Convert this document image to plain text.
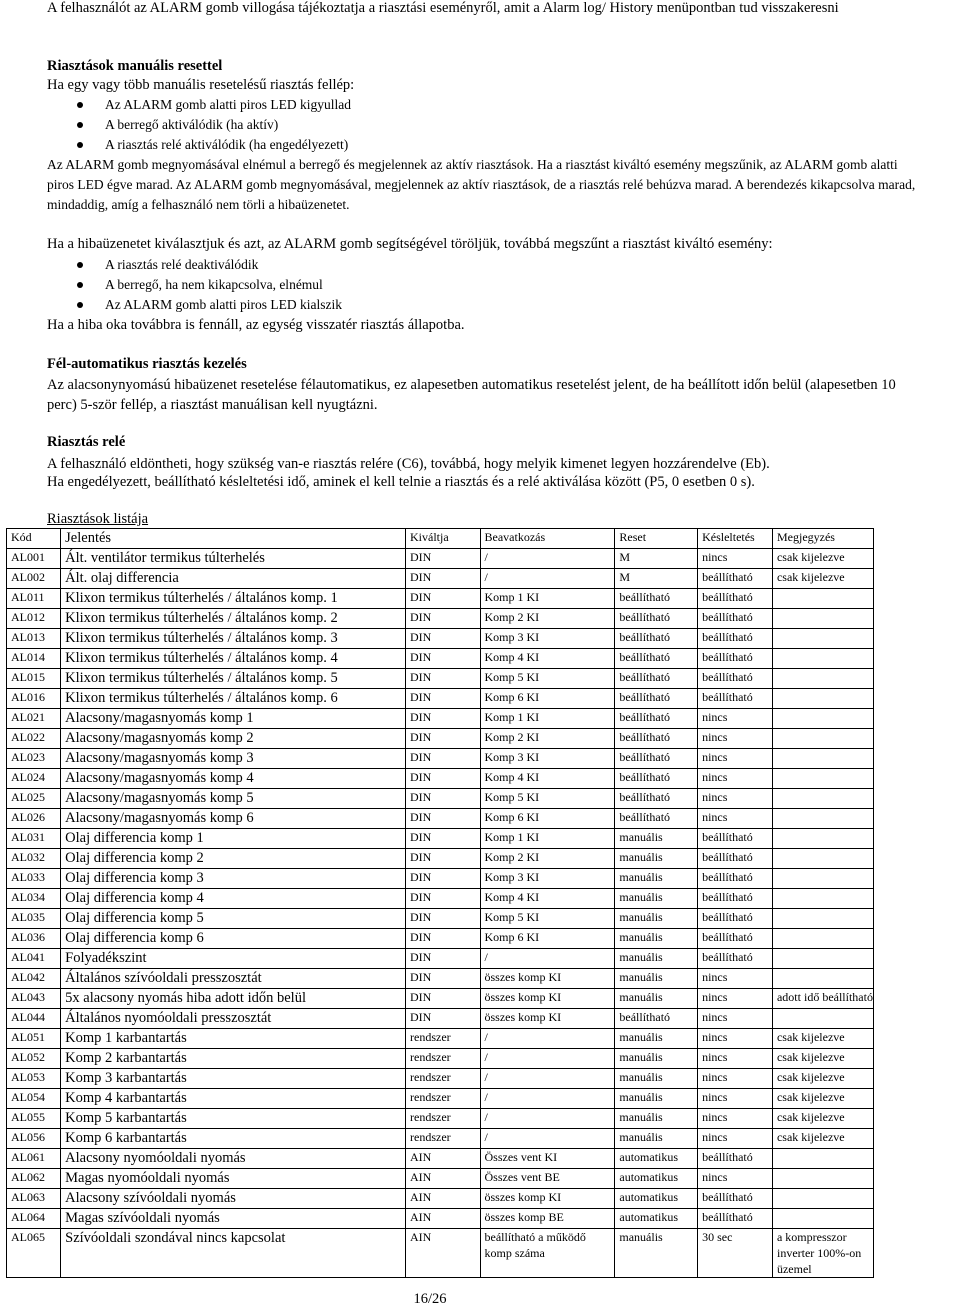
A felhasználót az ALARM gomb villogása tájékoztatja a riasztási eseményről, amit a Alarm log/ History menüpontban tud visszakeresni

Riasztások manuális resettel

Ha egy vagy több manuális resetelésű riasztás fellép:

Az ALARM gomb alatti piros LED kigyullad
A berregő aktiválódik (ha aktív)
A riasztás relé aktiválódik (ha engedélyezett)

Az ALARM gomb megnyomásával elnémul a berregő és megjelennek az aktív riasztások. Ha a riasztást kiváltó esemény megszűnik, az ALARM gomb alatti piros LED égve marad. Az ALARM gomb megnyomásával, megjelennek az aktív riasztások, de a riasztás relé behúzva marad. A berendezés kikapcsolva marad, mindaddig, amíg a felhasználó nem törli a hibaüzenetet.

Ha a hibaüzenetet kiválasztjuk és azt, az ALARM gomb segítségével töröljük, továbbá megszűnt a riasztást kiváltó esemény:

A riasztás relé deaktiválódik
A berregő, ha nem kikapcsolva, elnémul
Az ALARM gomb alatti piros LED kialszik

Ha a hiba oka továbbra is fennáll, az egység visszatér riasztás állapotba.

Fél-automatikus riasztás kezelés

Az alacsonynyomású hibaüzenet resetelése félautomatikus, ez alapesetben automatikus resetelést jelent, de ha beállított időn belül (alapesetben 10 perc) 5-ször fellép, a riasztást manuálisan kell nyugtázni.

Riasztás relé

A felhasználó eldöntheti, hogy szükség van-e riasztás relére (C6), továbbá, hogy melyik kimenet legyen hozzárendelve (Eb).

Ha engedélyezett, beállítható késleltetési idő, aminek el kell telnie a riasztás és a relé aktiválása között (P5, 0 esetben 0 s).

Riasztások listája

Kód	Jelentés	Kiváltja	Beavatkozás	Reset	Késleltetés	Megjegyzés
AL001	Ált. ventilátor termikus túlterhelés	DIN	/	M	nincs	csak kijelezve
AL002	Ált. olaj differencia	DIN	/	M	beállítható	csak kijelezve
AL011	Klixon termikus túlterhelés / általános komp. 1	DIN	Komp 1 KI	beállítható	beállítható	
AL012	Klixon termikus túlterhelés / általános komp. 2	DIN	Komp 2 KI	beállítható	beállítható	
AL013	Klixon termikus túlterhelés / általános komp. 3	DIN	Komp 3 KI	beállítható	beállítható	
AL014	Klixon termikus túlterhelés / általános komp. 4	DIN	Komp 4 KI	beállítható	beállítható	
AL015	Klixon termikus túlterhelés / általános komp. 5	DIN	Komp 5 KI	beállítható	beállítható	
AL016	Klixon termikus túlterhelés / általános komp. 6	DIN	Komp 6 KI	beállítható	beállítható	
AL021	Alacsony/magasnyomás komp 1	DIN	Komp 1 KI	beállítható	nincs	
AL022	Alacsony/magasnyomás komp 2	DIN	Komp 2 KI	beállítható	nincs	
AL023	Alacsony/magasnyomás komp 3	DIN	Komp 3 KI	beállítható	nincs	
AL024	Alacsony/magasnyomás komp 4	DIN	Komp 4 KI	beállítható	nincs	
AL025	Alacsony/magasnyomás komp 5	DIN	Komp 5 KI	beállítható	nincs	
AL026	Alacsony/magasnyomás komp 6	DIN	Komp 6 KI	beállítható	nincs	
AL031	Olaj differencia komp 1	DIN	Komp 1 KI	manuális	beállítható	
AL032	Olaj differencia komp 2	DIN	Komp 2 KI	manuális	beállítható	
AL033	Olaj differencia komp 3	DIN	Komp 3 KI	manuális	beállítható	
AL034	Olaj differencia komp 4	DIN	Komp 4 KI	manuális	beállítható	
AL035	Olaj differencia komp 5	DIN	Komp 5 KI	manuális	beállítható	
AL036	Olaj differencia komp 6	DIN	Komp 6 KI	manuális	beállítható	
AL041	Folyadékszint	DIN	/	manuális	beállítható	
AL042	Általános szívóoldali presszosztát	DIN	összes komp KI	manuális	nincs	
AL043	5x alacsony nyomás hiba adott időn belül	DIN	összes komp KI	manuális	nincs	adott idő beállítható
AL044	Általános nyomóoldali presszosztát	DIN	összes komp KI	beállítható	nincs	
AL051	Komp 1 karbantartás	rendszer	/	manuális	nincs	csak kijelezve
AL052	Komp 2 karbantartás	rendszer	/	manuális	nincs	csak kijelezve
AL053	Komp 3 karbantartás	rendszer	/	manuális	nincs	csak kijelezve
AL054	Komp 4 karbantartás	rendszer	/	manuális	nincs	csak kijelezve
AL055	Komp 5 karbantartás	rendszer	/	manuális	nincs	csak kijelezve
AL056	Komp 6 karbantartás	rendszer	/	manuális	nincs	csak kijelezve
AL061	Alacsony nyomóoldali nyomás	AIN	Összes vent KI	automatikus	beállítható	
AL062	Magas nyomóoldali nyomás	AIN	Összes vent BE	automatikus	nincs	
AL063	Alacsony szívóoldali nyomás	AIN	összes komp KI	automatikus	beállítható	
AL064	Magas szívóoldali nyomás	AIN	összes komp BE	automatikus	beállítható	
AL065	Szívóoldali szondával nincs kapcsolat	AIN	beállítható a működő komp száma	manuális	30 sec	a kompresszor inverter 100%-on üzemel
16/26
